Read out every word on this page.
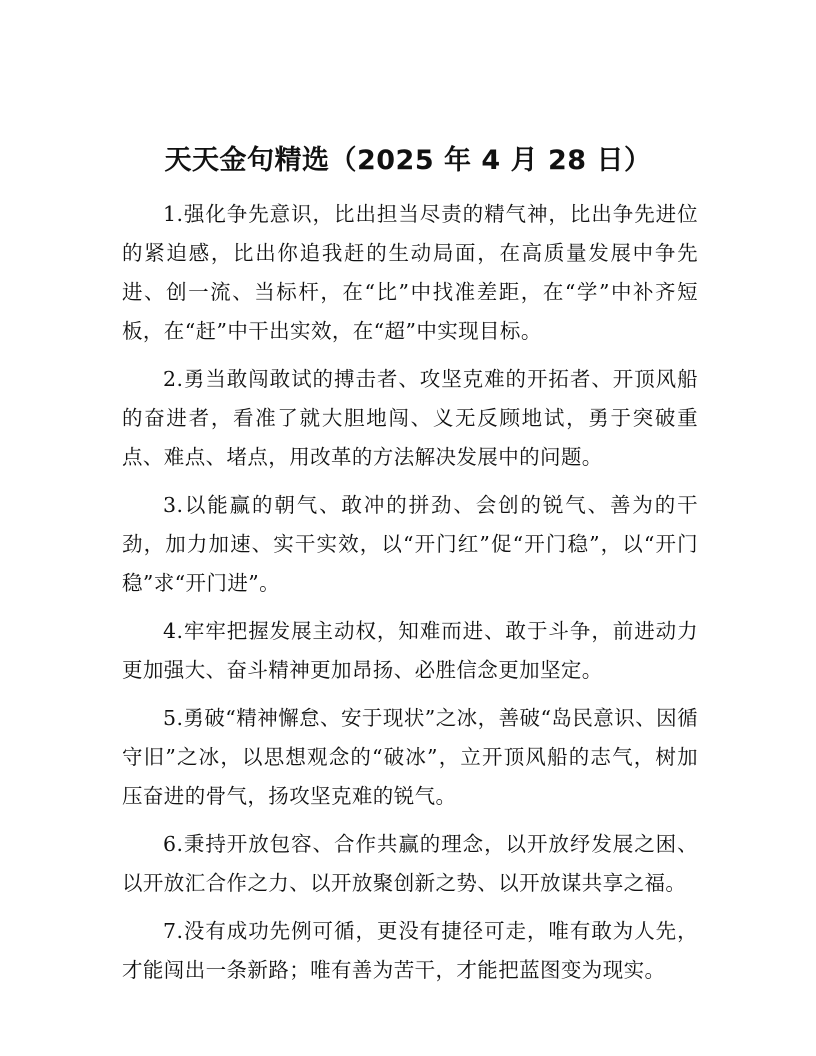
天天金句精选（2025 年 4 月 28 日）

1.强化争先意识，比出担当尽责的精气神，比出争先进位的紧迫感，比出你追我赶的生动局面，在高质量发展中争先进、创一流、当标杆，在“比”中找准差距，在“学”中补齐短板，在“赶”中干出实效，在“超”中实现目标。

2.勇当敢闯敢试的搏击者、攻坚克难的开拓者、开顶风船的奋进者，看准了就大胆地闯、义无反顾地试，勇于突破重点、难点、堵点，用改革的方法解决发展中的问题。

3.以能赢的朝气、敢冲的拼劲、会创的锐气、善为的干劲，加力加速、实干实效，以“开门红”促“开门稳”，以“开门稳”求“开门进”。

4.牢牢把握发展主动权，知难而进、敢于斗争，前进动力更加强大、奋斗精神更加昂扬、必胜信念更加坚定。

5.勇破“精神懈怠、安于现状”之冰，善破“岛民意识、因循守旧”之冰，以思想观念的“破冰”，立开顶风船的志气，树加压奋进的骨气，扬攻坚克难的锐气。

6.秉持开放包容、合作共赢的理念，以开放纾发展之困、以开放汇合作之力、以开放聚创新之势、以开放谋共享之福。

7.没有成功先例可循，更没有捷径可走，唯有敢为人先，才能闯出一条新路；唯有善为苦干，才能把蓝图变为现实。
